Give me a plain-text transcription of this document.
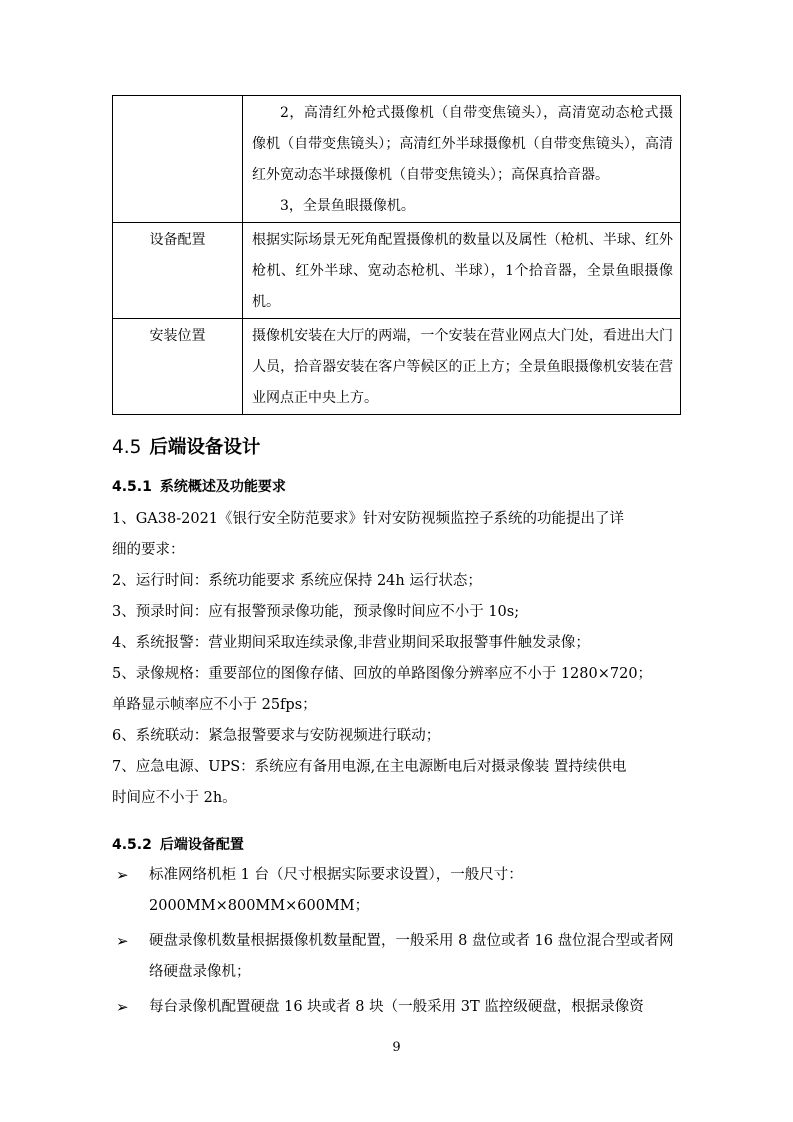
	2，高清红外枪式摄像机（自带变焦镜头），高清宽动态枪式摄像机（自带变焦镜头）；高清红外半球摄像机（自带变焦镜头），高清红外宽动态半球摄像机（自带变焦镜头）；高保真拾音器。
3，全景鱼眼摄像机。

设备配置	根据实际场景无死角配置摄像机的数量以及属性（枪机、半球、红外枪机、红外半球、宽动态枪机、半球），1个拾音器，全景鱼眼摄像机。

安装位置	摄像机安装在大厅的两端，一个安装在营业网点大门处，看进出大门人员，拾音器安装在客户等候区的正上方；全景鱼眼摄像机安装在营业网点正中央上方。
4.5 后端设备设计
4.5.1 系统概述及功能要求
1、GA38-2021《银行安全防范要求》针对安防视频监控子系统的功能提出了详
细的要求：
2、运行时间：系统功能要求 系统应保持 24h 运行状态；
3、预录时间：应有报警预录像功能，预录像时间应不小于 10s;
4、系统报警：营业期间采取连续录像,非营业期间采取报警事件触发录像；
5、录像规格：重要部位的图像存储、回放的单路图像分辨率应不小于 1280×720；
单路显示帧率应不小于 25fps；
6、系统联动：紧急报警要求与安防视频进行联动；
7、应急电源、UPS：系统应有备用电源,在主电源断电后对摄录像装 置持续供电
时间应不小于 2h。
4.5.2 后端设备配置
➢ 标准网络机柜 1 台（尺寸根据实际要求设置），一般尺寸：2000MM×800MM×600MM；
➢ 硬盘录像机数量根据摄像机数量配置，一般采用 8 盘位或者 16 盘位混合型或者网络硬盘录像机；
➢ 每台录像机配置硬盘 16 块或者 8 块（一般采用 3T 监控级硬盘，根据录像资
9
